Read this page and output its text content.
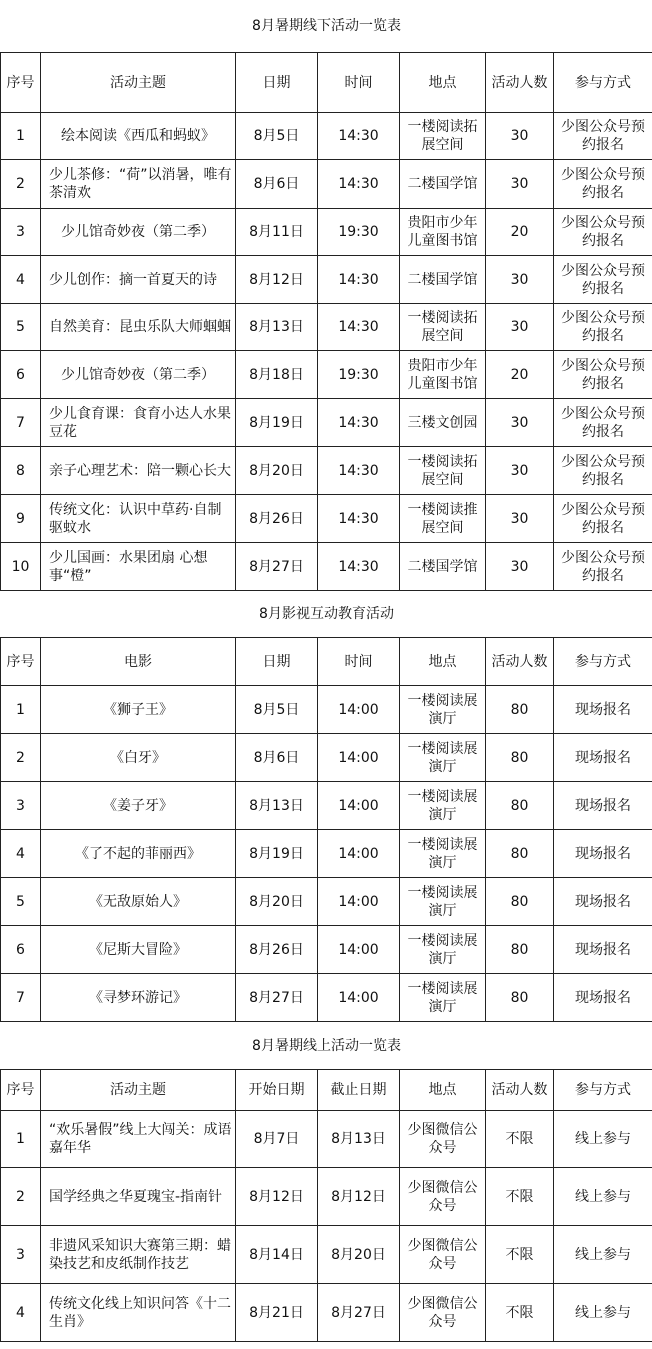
8月暑期线下活动一览表						
序号	活动主题	日期	时间	地点	活动人数	参与方式
1	绘本阅读《西瓜和蚂蚁》	8月5日	14:30	一楼阅读拓展空间	30	少图公众号预约报名
2	少儿茶修：“荷”以消暑，唯有茶清欢	8月6日	14:30	二楼国学馆	30	少图公众号预约报名
3	少儿馆奇妙夜（第二季）	8月11日	19:30	贵阳市少年儿童图书馆	20	少图公众号预约报名
4	少儿创作：摘一首夏天的诗	8月12日	14:30	二楼国学馆	30	少图公众号预约报名
5	自然美育：昆虫乐队大师蝈蝈	8月13日	14:30	一楼阅读拓展空间	30	少图公众号预约报名
6	少儿馆奇妙夜（第二季）	8月18日	19:30	贵阳市少年儿童图书馆	20	少图公众号预约报名
7	少儿食育课：食育小达人水果豆花	8月19日	14:30	三楼文创园	30	少图公众号预约报名
8	亲子心理艺术：陪一颗心长大	8月20日	14:30	一楼阅读拓展空间	30	少图公众号预约报名
9	传统文化：认识中草药·自制驱蚊水	8月26日	14:30	一楼阅读推展空间	30	少图公众号预约报名
10	少儿国画：水果团扇 心想事“橙”	8月27日	14:30	二楼国学馆	30	少图公众号预约报名
8月影视互动教育活动						
序号	电影	日期	时间	地点	活动人数	参与方式
1	《狮子王》	8月5日	14:00	一楼阅读展演厅	80	现场报名
2	《白牙》	8月6日	14:00	一楼阅读展演厅	80	现场报名
3	《姜子牙》	8月13日	14:00	一楼阅读展演厅	80	现场报名
4	《了不起的菲丽西》	8月19日	14:00	一楼阅读展演厅	80	现场报名
5	《无敌原始人》	8月20日	14:00	一楼阅读展演厅	80	现场报名
6	《尼斯大冒险》	8月26日	14:00	一楼阅读展演厅	80	现场报名
7	《寻梦环游记》	8月27日	14:00	一楼阅读展演厅	80	现场报名
8月暑期线上活动一览表						
序号	活动主题	开始日期	截止日期	地点	活动人数	参与方式
1	“欢乐暑假”线上大闯关：成语嘉年华	8月7日	8月13日	少图微信公众号	不限	线上参与
2	国学经典之华夏瑰宝-指南针	8月12日	8月12日	少图微信公众号	不限	线上参与
3	非遗风采知识大赛第三期：蜡染技艺和皮纸制作技艺	8月14日	8月20日	少图微信公众号	不限	线上参与
4	传统文化线上知识问答《十二生肖》	8月21日	8月27日	少图微信公众号	不限	线上参与
